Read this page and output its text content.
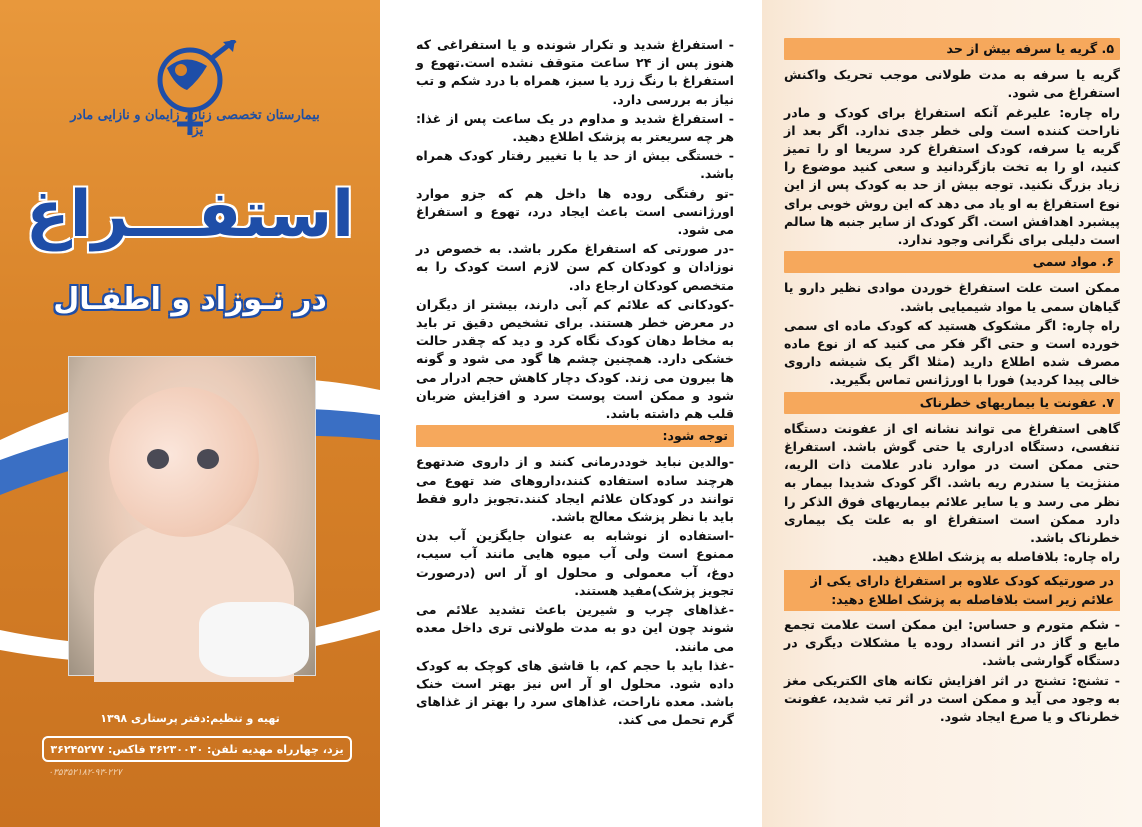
بیمارستان تخصصی زنان، زایمان و نازایی مادر یزد
استفـــراغ
در نـوزاد و اطفـال
تهیه و تنظیم:دفتر پرستاری ۱۳۹۸
یزد، چهارراه مهدیه تلفن: ۳۶۲۳۰۰۳۰ فاکس: ۳۶۲۴۵۲۷۷
۰۳۵۳۵۲۱۸۲-۹۳-۲۲۷

- استفراغ شدید و تکرار شونده و یا استفراغی که هنوز پس از ۲۴ ساعت متوقف نشده است.تهوع و استفراغ با رنگ زرد یا سبز، همراه با درد شکم و تب نیاز به بررسی دارد.

- استفراغ شدید و مداوم در یک ساعت پس از غذا: هر چه سریعتر به پزشک اطلاع دهید.

- خستگی بیش از حد یا با تغییر رفتار کودک همراه باشد.

-تو رفتگی روده ها داخل هم که جزو موارد اورژانسی است باعث ایجاد درد، تهوع و استفراغ می شود.

-در صورتی که استفراغ مکرر باشد. به خصوص در نوزادان و کودکان کم سن لازم است کودک را به متخصص کودکان ارجاع داد.

-کودکانی که علائم کم آبی دارند، بیشتر از دیگران در معرض خطر هستند. برای تشخیص دقیق تر باید به مخاط دهان کودک نگاه کرد و دید که چقدر حالت خشکی دارد. همچنین چشم ها گود می شود و گونه ها بیرون می زند. کودک دچار کاهش حجم ادرار می شود و ممکن است پوست سرد و افزایش ضربان قلب هم داشته باشد.

توجه شود:

-والدین نباید خوددرمانی کنند و از داروی ضدتهوع هرچند ساده استفاده کنند،داروهای ضد تهوع می توانند در کودکان علائم ایجاد کنند.تجویز دارو فقط باید با نظر پزشک معالج باشد.

-استفاده از نوشابه به عنوان جایگزین آب بدن ممنوع است ولی آب میوه هایی مانند آب سیب، دوغ، آب معمولی و محلول او آر اس (درصورت تجویز پزشک)مفید هستند.

-غذاهای چرب و شیرین باعث تشدید علائم می شوند چون این دو به مدت طولانی تری داخل معده می مانند.

-غذا باید با حجم کم، با قاشق های کوچک به کودک داده شود. محلول او آر اس نیز بهتر است خنک باشد. معده ناراحت، غذاهای سرد را بهتر از غذاهای گرم تحمل می کند.

۵. گریه یا سرفه بیش از حد

گریه یا سرفه به مدت طولانی موجب تحریک واکنش استفراغ می شود.

راه چاره: علیرغم آنکه استفراغ برای کودک و مادر ناراحت کننده است ولی خطر جدی ندارد. اگر بعد از گریه یا سرفه، کودک استفراغ کرد سریعا او را تمیز کنید، او را به تخت بازگردانید و سعی کنید موضوع را زیاد بزرگ نکنید. توجه بیش از حد به کودک پس از این نوع استفراغ به او یاد می دهد که این روش خوبی برای پیشبرد اهدافش است. اگر کودک از سایر جنبه ها سالم است دلیلی برای نگرانی وجود ندارد.

۶. مواد سمی

ممکن است علت استفراغ خوردن موادی نظیر دارو یا گیاهان سمی یا مواد شیمیایی باشد.

راه چاره: اگر مشکوک هستید که کودک ماده ای سمی خورده است و حتی اگر فکر می کنید که از نوع ماده مصرف شده اطلاع دارید (مثلا اگر یک شیشه داروی خالی پیدا کردید) فورا با اورژانس تماس بگیرید.

۷. عفونت یا بیماریهای خطرناک

گاهی استفراغ می تواند نشانه ای از عفونت دستگاه تنفسی، دستگاه ادراری یا حتی گوش باشد. استفراغ حتی ممکن است در موارد نادر علامت ذات الریه، مننژیت یا سندرم ریه باشد. اگر کودک شدیدا بیمار به نظر می رسد و یا سایر علائم بیماریهای فوق الذکر را دارد ممکن است استفراغ او به علت یک بیماری خطرناک باشد.

راه چاره: بلافاصله به پزشک اطلاع دهید.

در صورتیکه کودک علاوه بر استفراغ دارای یکی از علائم زیر است بلافاصله به پزشک اطلاع دهید:

- شکم متورم و حساس: این ممکن است علامت تجمع مایع و گاز در اثر انسداد روده یا مشکلات دیگری در دستگاه گوارشی باشد.

- تشنج: تشنج در اثر افزایش تکانه های الکتریکی مغز به وجود می آید و ممکن است در اثر تب شدید، عفونت خطرناک و یا صرع ایجاد شود.
